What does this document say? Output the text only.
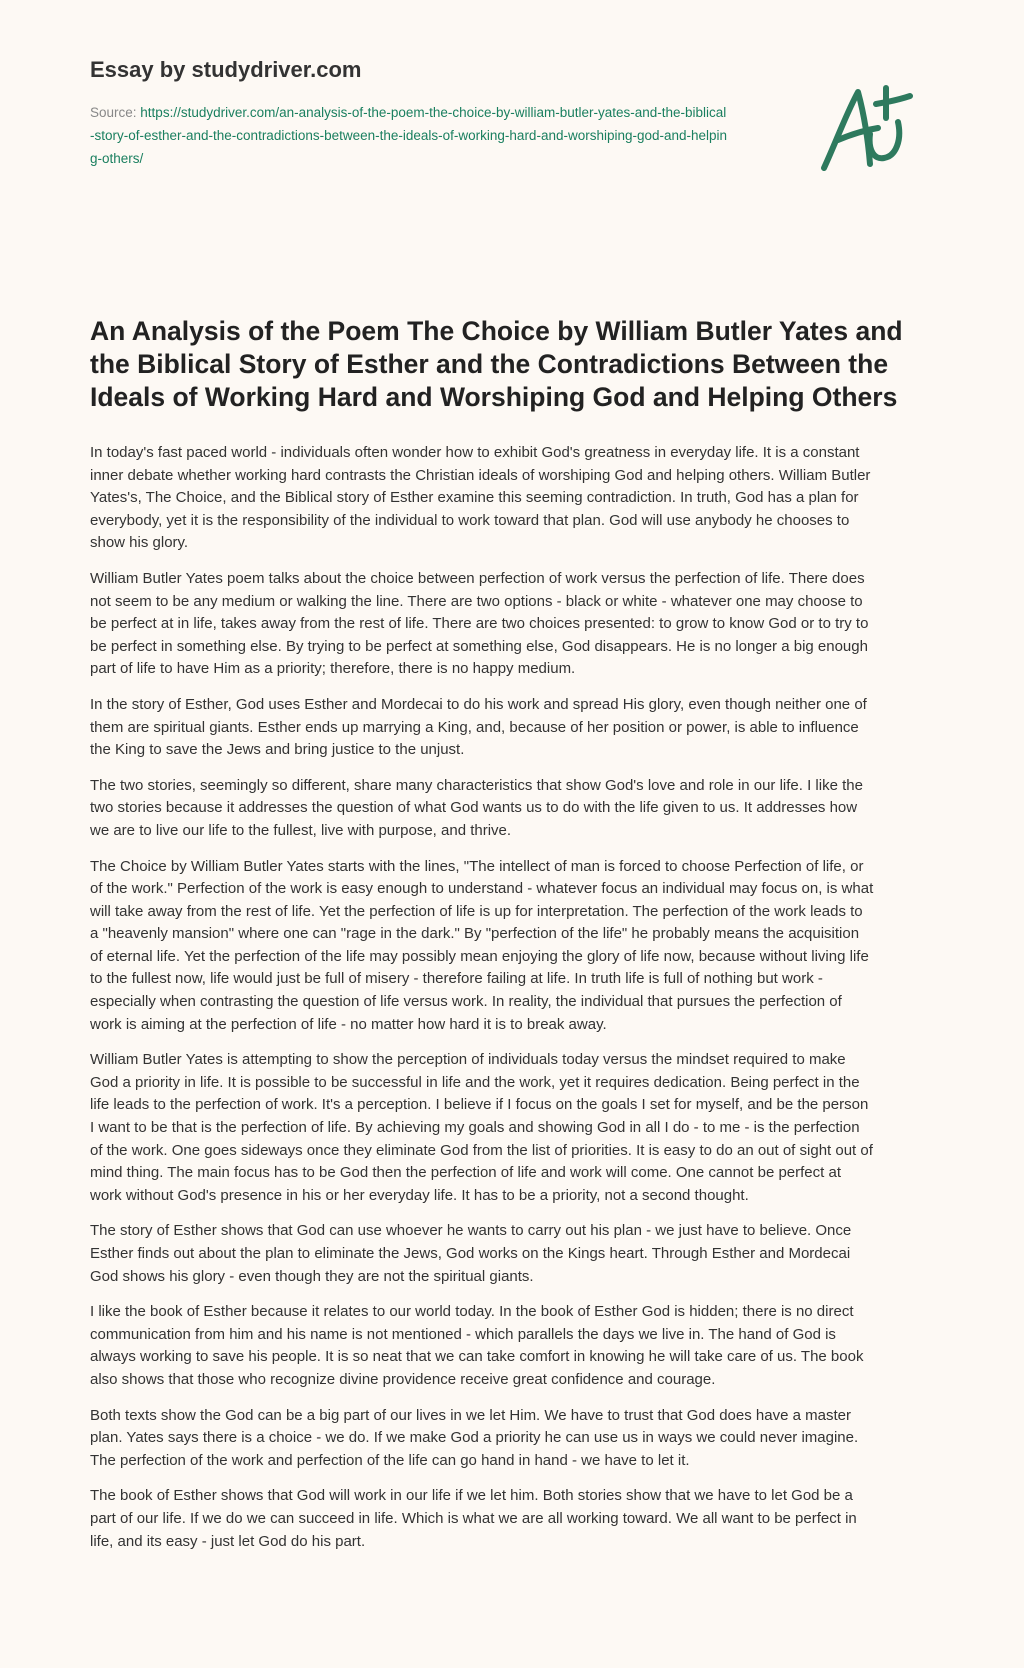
Essay by studydriver.com
Source: https://studydriver.com/an-analysis-of-the-poem-the-choice-by-william-butler-yates-and-the-biblical-story-of-esther-and-the-contradictions-between-the-ideals-of-working-hard-and-worshiping-god-and-helping-others/
An Analysis of the Poem The Choice by William Butler Yates and the Biblical Story of Esther and the Contradictions Between the Ideals of Working Hard and Worshiping God and Helping Others

In today's fast paced world - individuals often wonder how to exhibit God's greatness in everyday life. It is a constant inner debate whether working hard contrasts the Christian ideals of worshiping God and helping others. William Butler Yates's, The Choice, and the Biblical story of Esther examine this seeming contradiction. In truth, God has a plan for everybody, yet it is the responsibility of the individual to work toward that plan. God will use anybody he chooses to show his glory.

William Butler Yates poem talks about the choice between perfection of work versus the perfection of life. There does not seem to be any medium or walking the line. There are two options - black or white - whatever one may choose to be perfect at in life, takes away from the rest of life. There are two choices presented: to grow to know God or to try to be perfect in something else. By trying to be perfect at something else, God disappears. He is no longer a big enough part of life to have Him as a priority; therefore, there is no happy medium.

In the story of Esther, God uses Esther and Mordecai to do his work and spread His glory, even though neither one of them are spiritual giants. Esther ends up marrying a King, and, because of her position or power, is able to influence the King to save the Jews and bring justice to the unjust.

The two stories, seemingly so different, share many characteristics that show God's love and role in our life. I like the two stories because it addresses the question of what God wants us to do with the life given to us. It addresses how we are to live our life to the fullest, live with purpose, and thrive.

The Choice by William Butler Yates starts with the lines, "The intellect of man is forced to choose Perfection of life, or of the work." Perfection of the work is easy enough to understand - whatever focus an individual may focus on, is what will take away from the rest of life. Yet the perfection of life is up for interpretation. The perfection of the work leads to a "heavenly mansion" where one can "rage in the dark." By "perfection of the life" he probably means the acquisition of eternal life. Yet the perfection of the life may possibly mean enjoying the glory of life now, because without living life to the fullest now, life would just be full of misery - therefore failing at life. In truth life is full of nothing but work - especially when contrasting the question of life versus work. In reality, the individual that pursues the perfection of work is aiming at the perfection of life - no matter how hard it is to break away.

William Butler Yates is attempting to show the perception of individuals today versus the mindset required to make God a priority in life. It is possible to be successful in life and the work, yet it requires dedication. Being perfect in the life leads to the perfection of work. It's a perception. I believe if I focus on the goals I set for myself, and be the person I want to be that is the perfection of life. By achieving my goals and showing God in all I do - to me - is the perfection of the work. One goes sideways once they eliminate God from the list of priorities. It is easy to do an out of sight out of mind thing. The main focus has to be God then the perfection of life and work will come. One cannot be perfect at work without God's presence in his or her everyday life. It has to be a priority, not a second thought.

The story of Esther shows that God can use whoever he wants to carry out his plan - we just have to believe. Once Esther finds out about the plan to eliminate the Jews, God works on the Kings heart. Through Esther and Mordecai God shows his glory - even though they are not the spiritual giants.

I like the book of Esther because it relates to our world today. In the book of Esther God is hidden; there is no direct communication from him and his name is not mentioned - which parallels the days we live in. The hand of God is always working to save his people. It is so neat that we can take comfort in knowing he will take care of us. The book also shows that those who recognize divine providence receive great confidence and courage.

Both texts show the God can be a big part of our lives in we let Him. We have to trust that God does have a master plan. Yates says there is a choice - we do. If we make God a priority he can use us in ways we could never imagine. The perfection of the work and perfection of the life can go hand in hand - we have to let it.

The book of Esther shows that God will work in our life if we let him. Both stories show that we have to let God be a part of our life. If we do we can succeed in life. Which is what we are all working toward. We all want to be perfect in life, and its easy - just let God do his part.
